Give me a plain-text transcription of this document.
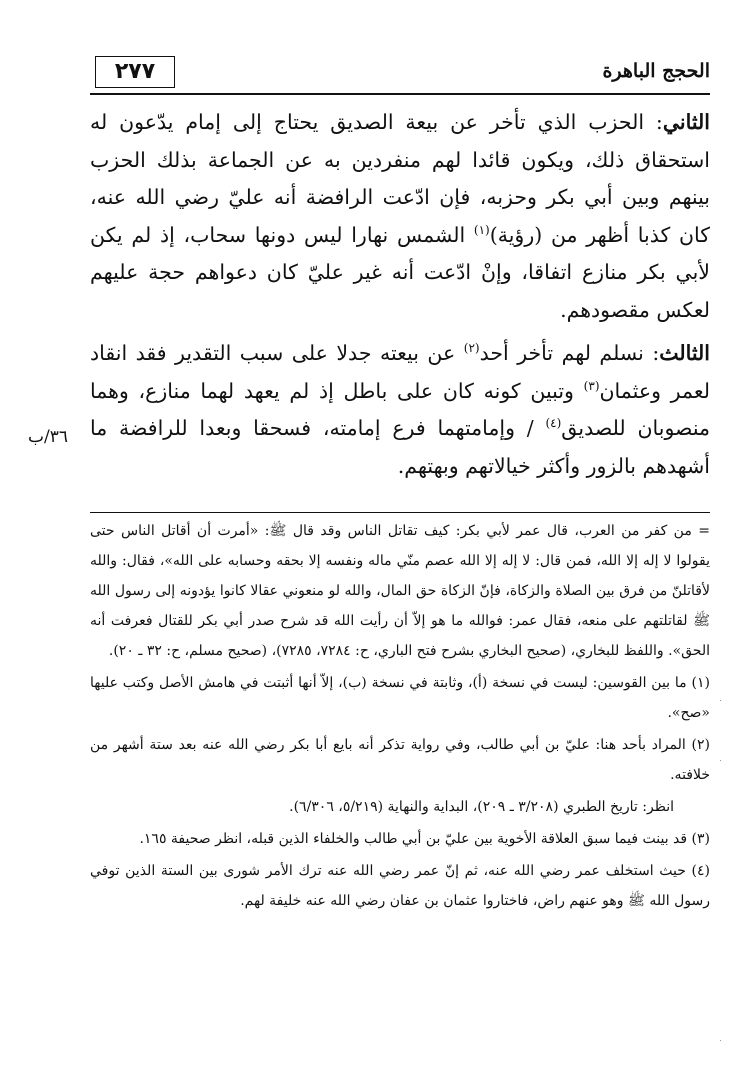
٢٧٧	الحجج الباهرة

الثاني: الحزب الذي تأخر عن بيعة الصديق يحتاج إلى إمام يدّعون له استحقاق ذلك، ويكون قائدا لهم منفردين به عن الجماعة بذلك الحزب بينهم وبين أبي بكر وحزبه، فإن ادّعت الرافضة أنه عليّ رضي الله عنه، كان كذبا أظهر من (رؤية)$^{(١)}$ الشمس نهارا ليس دونها سحاب، إذ لم يكن لأبي بكر منازع اتفاقا، وإنْ ادّعت أنه غير عليّ كان دعواهم حجة عليهم لعكس مقصودهم.

الثالث: نسلم لهم تأخر أحد$^{(٢)}$ عن بيعته جدلا على سبب التقدير فقد انقاد لعمر وعثمان$^{(٣)}$ وتبين كونه كان على باطل إذ لم يعهد لهما منازع، وهما منصوبان للصديق$^{(٤)}$ / وإمامتهما فرع إمامته، فسحقا وبعدا للرافضة ما أشهدهم بالزور وأكثر خيالاتهم وبهتهم.

٣٦/ب

= من كفر من العرب، قال عمر لأبي بكر: كيف تقاتل الناس وقد قال ﷺ: «أمرت أن أقاتل الناس حتى يقولوا لا إله إلا الله، فمن قال: لا إله إلا الله عصم منّي ماله ونفسه إلا بحقه وحسابه على الله»، فقال: والله لأقاتلنّ من فرق بين الصلاة والزكاة، فإنّ الزكاة حق المال، والله لو منعوني عقالا كانوا يؤدونه إلى رسول الله ﷺ لقاتلتهم على منعه، فقال عمر: فوالله ما هو إلاّ أن رأيت الله قد شرح صدر أبي بكر للقتال فعرفت أنه الحق». واللفظ للبخاري، (صحيح البخاري بشرح فتح الباري، ح: ٧٢٨٤، ٧٢٨٥)، (صحيح مسلم، ح: ٣٢ ـ ٢٠).

(١) ما بين القوسين: ليست في نسخة (أ)، وثابتة في نسخة (ب)، إلاّ أنها أثبتت في هامش الأصل وكتب عليها «صح».

(٢) المراد بأحد هنا: عليّ بن أبي طالب، وفي رواية تذكر أنه بايع أبا بكر رضي الله عنه بعد ستة أشهر من خلافته.

انظر: تاريخ الطبري (٣/٢٠٨ ـ ٢٠٩)، البداية والنهاية (٥/٢١٩، ٦/٣٠٦).

(٣) قد بينت فيما سبق العلاقة الأخوية بين عليّ بن أبي طالب والخلفاء الذين قبله، انظر صحيفة ١٦٥.

(٤) حيث استخلف عمر رضي الله عنه، ثم إنّ عمر رضي الله عنه ترك الأمر شورى بين الستة الذين توفي رسول الله ﷺ وهو عنهم راض، فاختاروا عثمان بن عفان رضي الله عنه خليفة لهم.
